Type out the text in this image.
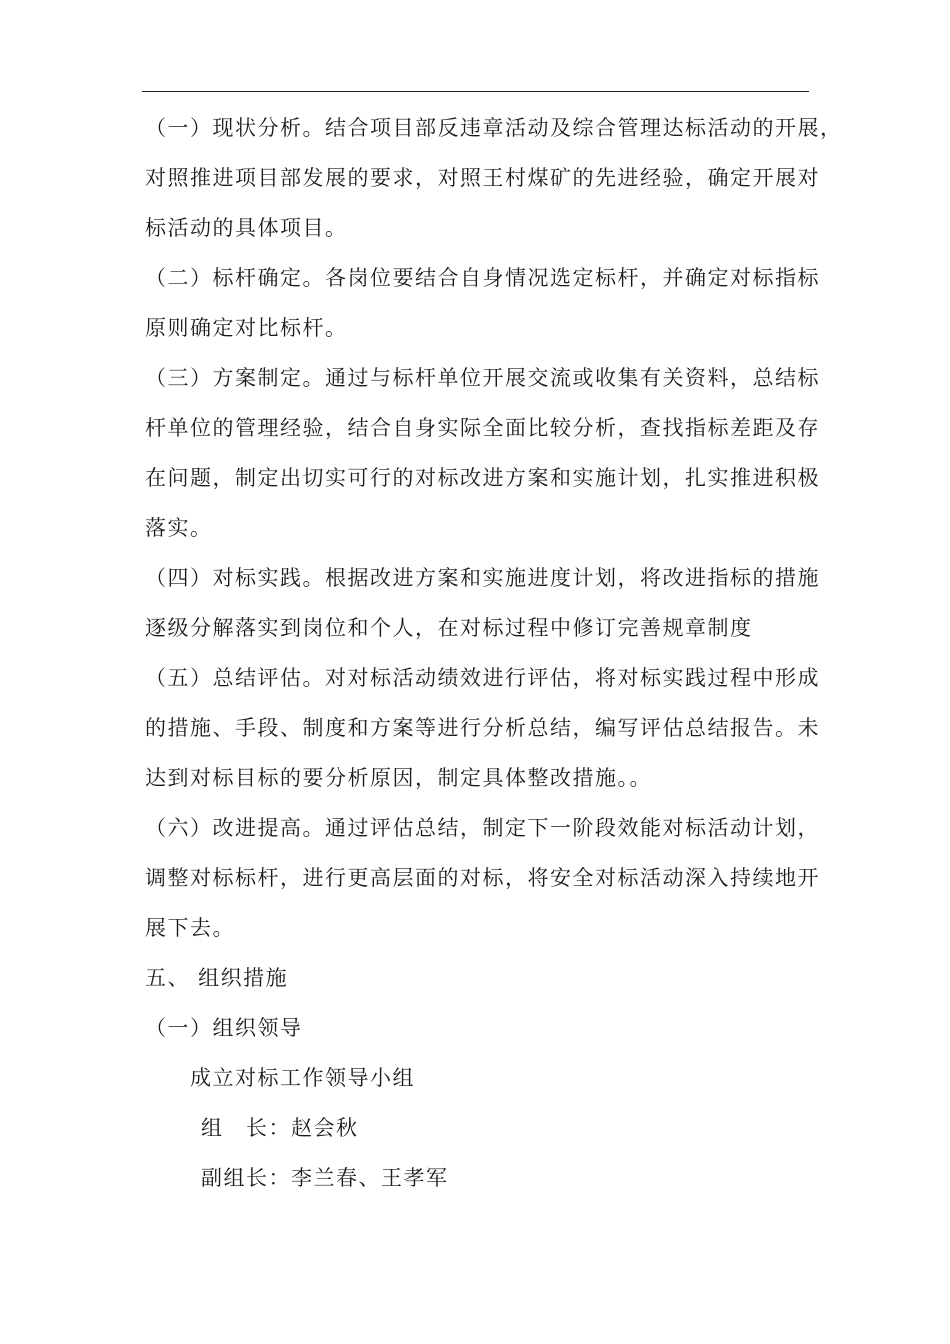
（一）现状分析。结合项目部反违章活动及综合管理达标活动的开展，
对照推进项目部发展的要求，对照王村煤矿的先进经验，确定开展对
标活动的具体项目。
（二）标杆确定。各岗位要结合自身情况选定标杆，并确定对标指标
原则确定对比标杆。
（三）方案制定。通过与标杆单位开展交流或收集有关资料，总结标
杆单位的管理经验，结合自身实际全面比较分析，查找指标差距及存
在问题，制定出切实可行的对标改进方案和实施计划，扎实推进积极
落实。
（四）对标实践。根据改进方案和实施进度计划，将改进指标的措施
逐级分解落实到岗位和个人，在对标过程中修订完善规章制度
（五）总结评估。对对标活动绩效进行评估，将对标实践过程中形成
的措施、手段、制度和方案等进行分析总结，编写评估总结报告。未
达到对标目标的要分析原因，制定具体整改措施。。
（六）改进提高。通过评估总结，制定下一阶段效能对标活动计划，
调整对标标杆，进行更高层面的对标，将安全对标活动深入持续地开
展下去。
五、 组织措施
（一）组织领导
成立对标工作领导小组
组　长：赵会秋
副组长：李兰春、王孝军
